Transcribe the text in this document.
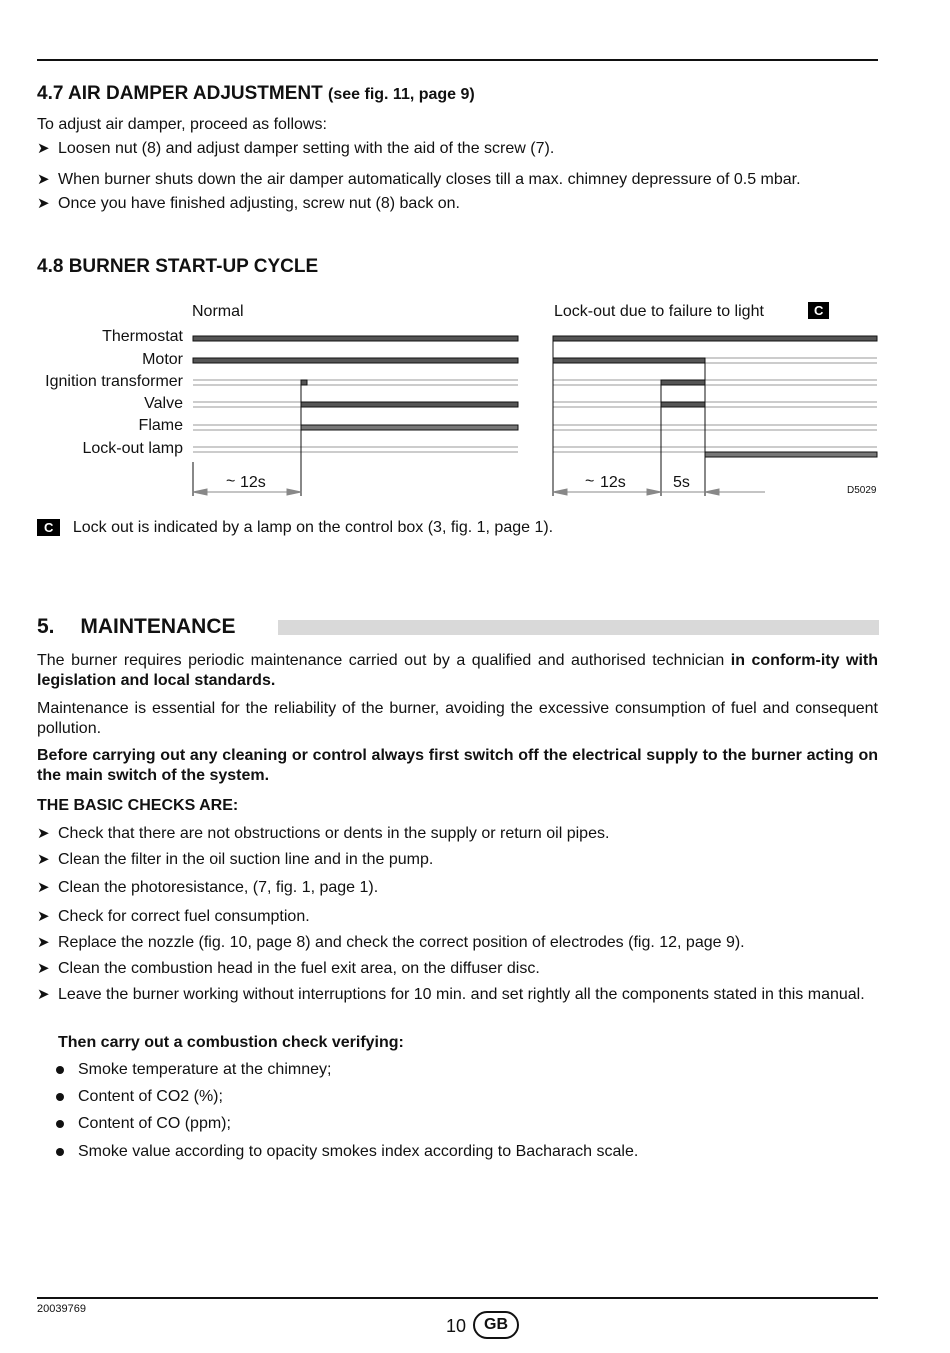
4.7 AIR DAMPER ADJUSTMENT (see fig. 11, page 9)
To adjust air damper, proceed as follows:
➤ Loosen nut (8) and adjust damper setting with the aid of the screw (7).
➤ When burner shuts down the air damper automatically closes till a max. chimney depressure of 0.5 mbar.
➤ Once you have finished adjusting, screw nut (8) back on.
4.8 BURNER START-UP CYCLE
Normal	Lock-out due to failure to light	C
Thermostat
Motor
Ignition transformer
Valve
Flame
Lock-out lamp
~ 12s	~ 12s	5s	D5029
C Lock out is indicated by a lamp on the control box (3, fig. 1, page 1).
5. MAINTENANCE
The burner requires periodic maintenance carried out by a qualified and authorised technician in conform-ity with legislation and local standards.
Maintenance is essential for the reliability of the burner, avoiding the excessive consumption of fuel and consequent pollution.
Before carrying out any cleaning or control always first switch off the electrical supply to the burner acting on the main switch of the system.
THE BASIC CHECKS ARE:
➤ Check that there are not obstructions or dents in the supply or return oil pipes.
➤ Clean the filter in the oil suction line and in the pump.
➤ Clean the photoresistance, (7, fig. 1, page 1).
➤ Check for correct fuel consumption.
➤ Replace the nozzle (fig. 10, page 8) and check the correct position of electrodes (fig. 12, page 9).
➤ Clean the combustion head in the fuel exit area, on the diffuser disc.
➤ Leave the burner working without interruptions for 10 min. and set rightly all the components stated in this manual.
Then carry out a combustion check verifying:
Smoke temperature at the chimney;
Content of CO2 (%);
Content of CO (ppm);
Smoke value according to opacity smokes index according to Bacharach scale.
20039769
10	GB
